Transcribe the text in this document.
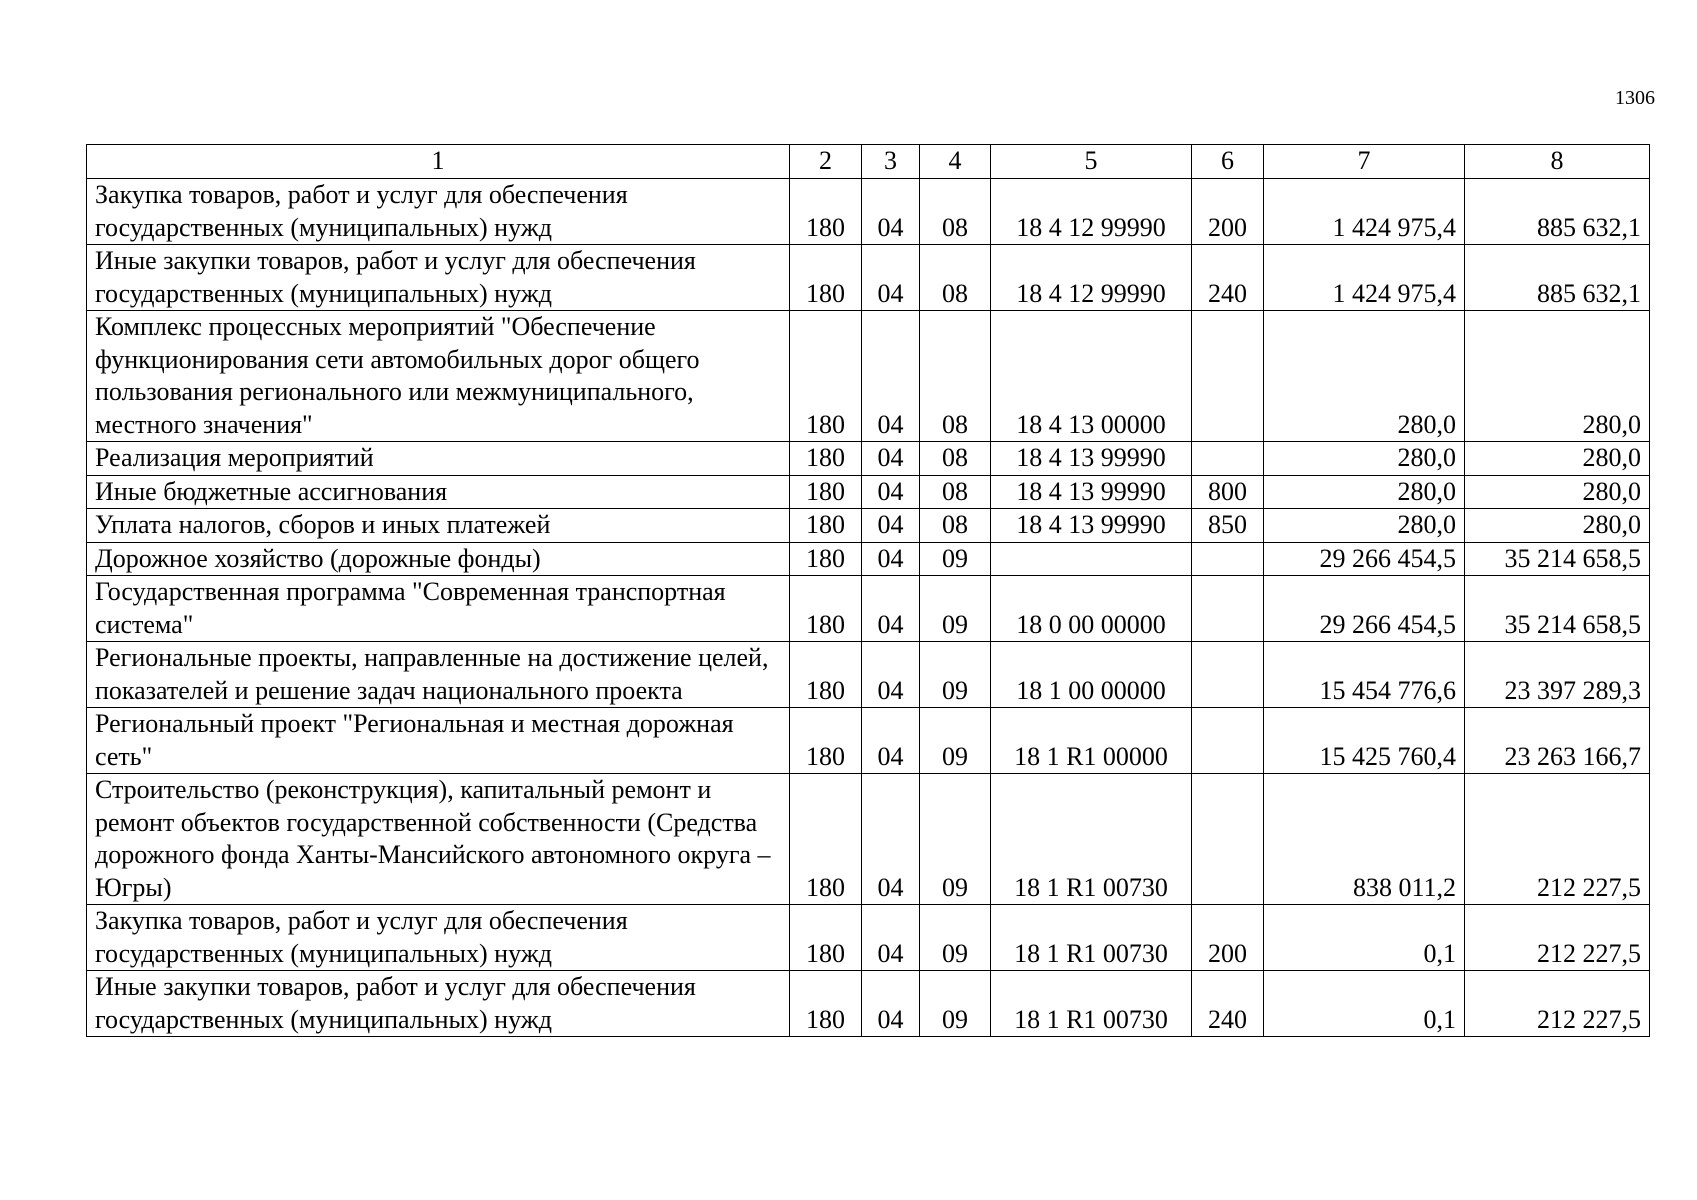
1306
1	2	3	4	5	6	7	8
Закупка товаров, работ и услуг для обеспечения государственных (муниципальных) нужд	180	04	08	18 4 12 99990	200	1 424 975,4	885 632,1
Иные закупки товаров, работ и услуг для обеспечения государственных (муниципальных) нужд	180	04	08	18 4 12 99990	240	1 424 975,4	885 632,1
Комплекс процессных мероприятий "Обеспечение функционирования сети автомобильных дорог общего пользования регионального или межмуниципального, местного значения"	180	04	08	18 4 13 00000		280,0	280,0
Реализация мероприятий	180	04	08	18 4 13 99990		280,0	280,0
Иные бюджетные ассигнования	180	04	08	18 4 13 99990	800	280,0	280,0
Уплата налогов, сборов и иных платежей	180	04	08	18 4 13 99990	850	280,0	280,0
Дорожное хозяйство (дорожные фонды)	180	04	09			29 266 454,5	35 214 658,5
Государственная программа "Современная транспортная система"	180	04	09	18 0 00 00000		29 266 454,5	35 214 658,5
Региональные проекты, направленные на достижение целей, показателей и решение задач национального проекта	180	04	09	18 1 00 00000		15 454 776,6	23 397 289,3
Региональный проект "Региональная и местная дорожная сеть"	180	04	09	18 1 R1 00000		15 425 760,4	23 263 166,7
Строительство (реконструкция), капитальный ремонт и ремонт объектов государственной собственности (Средства дорожного фонда Ханты-Мансийского автономного округа – Югры)	180	04	09	18 1 R1 00730		838 011,2	212 227,5
Закупка товаров, работ и услуг для обеспечения государственных (муниципальных) нужд	180	04	09	18 1 R1 00730	200	0,1	212 227,5
Иные закупки товаров, работ и услуг для обеспечения государственных (муниципальных) нужд	180	04	09	18 1 R1 00730	240	0,1	212 227,5
